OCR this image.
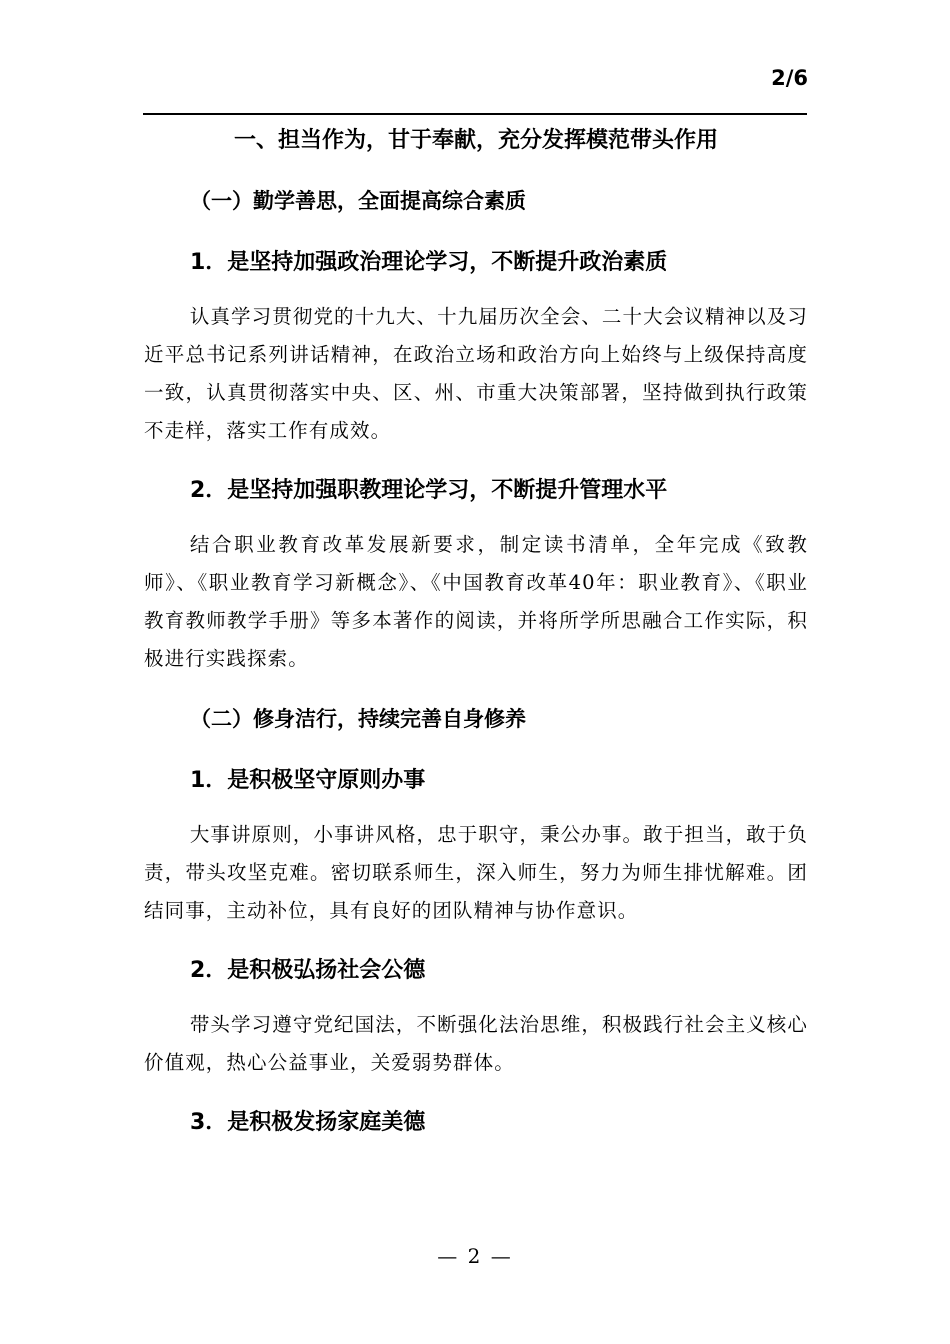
2/6
一、担当作为，甘于奉献，充分发挥模范带头作用
（一）勤学善思，全面提高综合素质
1．是坚持加强政治理论学习，不断提升政治素质
认真学习贯彻党的十九大、十九届历次全会、二十大会议精神以及习近平总书记系列讲话精神，在政治立场和政治方向上始终与上级保持高度一致，认真贯彻落实中央、区、州、市重大决策部署，坚持做到执行政策不走样，落实工作有成效。
2．是坚持加强职教理论学习，不断提升管理水平
结合职业教育改革发展新要求，制定读书清单，全年完成《致教师》、《职业教育学习新概念》、《中国教育改革40年：职业教育》、《职业教育教师教学手册》等多本著作的阅读，并将所学所思融合工作实际，积极进行实践探索。
（二）修身洁行，持续完善自身修养
1．是积极坚守原则办事
大事讲原则，小事讲风格，忠于职守，秉公办事。敢于担当，敢于负责，带头攻坚克难。密切联系师生，深入师生，努力为师生排忧解难。团结同事，主动补位，具有良好的团队精神与协作意识。
2．是积极弘扬社会公德
带头学习遵守党纪国法，不断强化法治思维，积极践行社会主义核心价值观，热心公益事业，关爱弱势群体。
3．是积极发扬家庭美德
— 2 —
